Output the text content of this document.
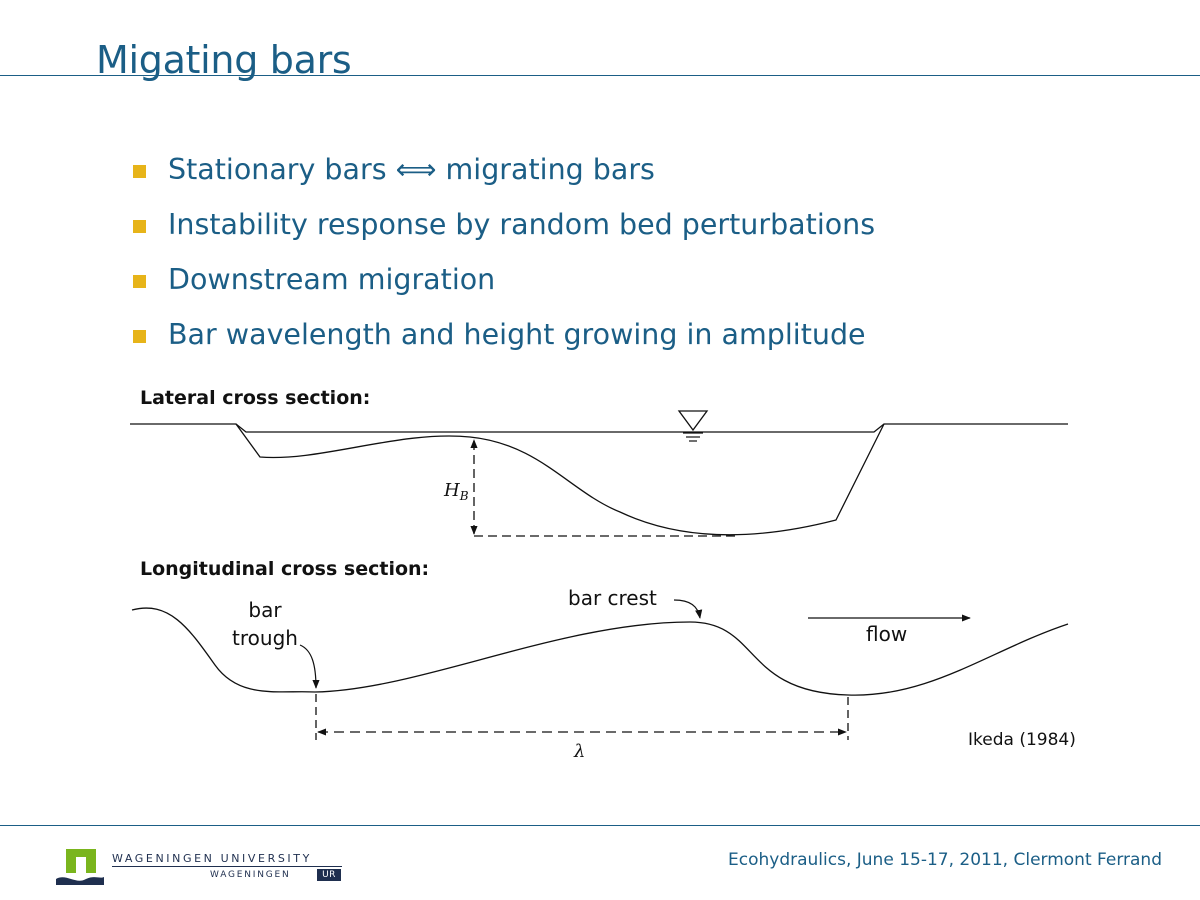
Migating bars
Stationary bars ⟺ migrating bars
Instability response by random bed perturbations
Downstream migration
Bar wavelength and height growing in amplitude
Lateral cross section:
$H_B$
Longitudinal cross section:
bar
trough
bar crest
flow
λ
Ikeda (1984)
WAGENINGEN UNIVERSITY
WAGENINGEN	UR

Ecohydraulics, June 15-17, 2011, Clermont Ferrand
